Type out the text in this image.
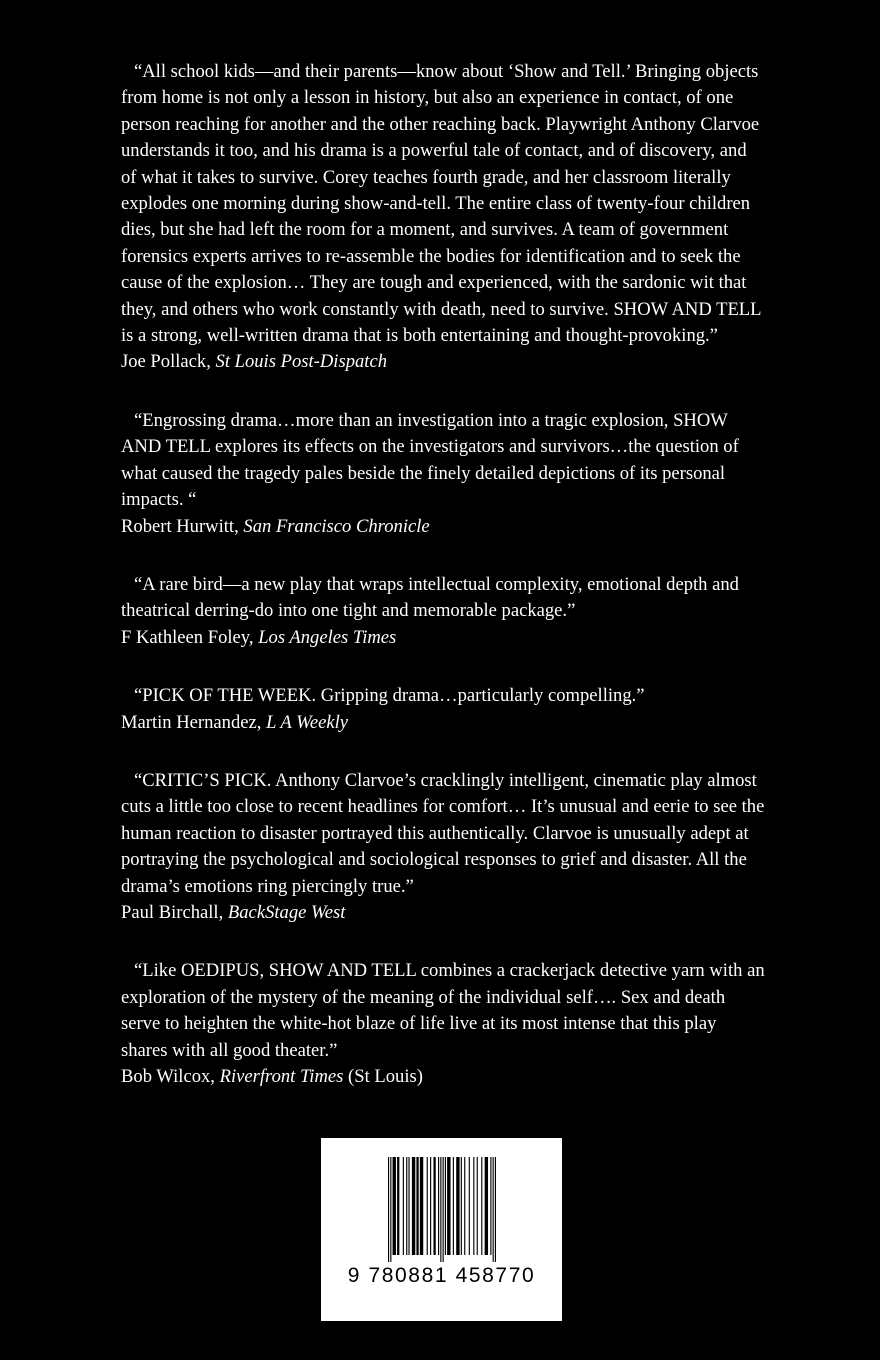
“All school kids—and their parents—know about ‘Show and Tell.’ Bringing objects from home is not only a lesson in history, but also an experience in contact, of one person reaching for another and the other reaching back. Playwright Anthony Clarvoe understands it too, and his drama is a powerful tale of contact, and of discovery, and of what it takes to survive. Corey teaches fourth grade, and her classroom literally explodes one morning during show-and-tell. The entire class of twenty-four children dies, but she had left the room for a moment, and survives. A team of government forensics experts arrives to re-assemble the bodies for identification and to seek the cause of the explosion… They are tough and experienced, with the sardonic wit that they, and others who work constantly with death, need to survive. SHOW AND TELL is a strong, well-written drama that is both entertaining and thought-provoking.”

Joe Pollack, St Louis Post-Dispatch

“Engrossing drama…more than an investigation into a tragic explosion, SHOW AND TELL explores its effects on the investigators and survivors…the question of what caused the tragedy pales beside the finely detailed depictions of its personal impacts. “

Robert Hurwitt, San Francisco Chronicle

“A rare bird—a new play that wraps intellectual complexity, emotional depth and theatrical derring-do into one tight and memorable package.”

F Kathleen Foley, Los Angeles Times

“PICK OF THE WEEK. Gripping drama…particularly compelling.”

Martin Hernandez, L A Weekly

“CRITIC’S PICK. Anthony Clarvoe’s cracklingly intelligent, cinematic play almost cuts a little too close to recent headlines for comfort… It’s unusual and eerie to see the human reaction to disaster portrayed this authentically. Clarvoe is unusually adept at portraying the psychological and sociological responses to grief and disaster. All the drama’s emotions ring piercingly true.”

Paul Birchall, BackStage West

“Like OEDIPUS, SHOW AND TELL combines a crackerjack detective yarn with an exploration of the mystery of the meaning of the individual self…. Sex and death serve to heighten the white-hot blaze of life live at its most intense that this play shares with all good theater.”

Bob Wilcox, Riverfront Times (St Louis)

9 780881 458770
